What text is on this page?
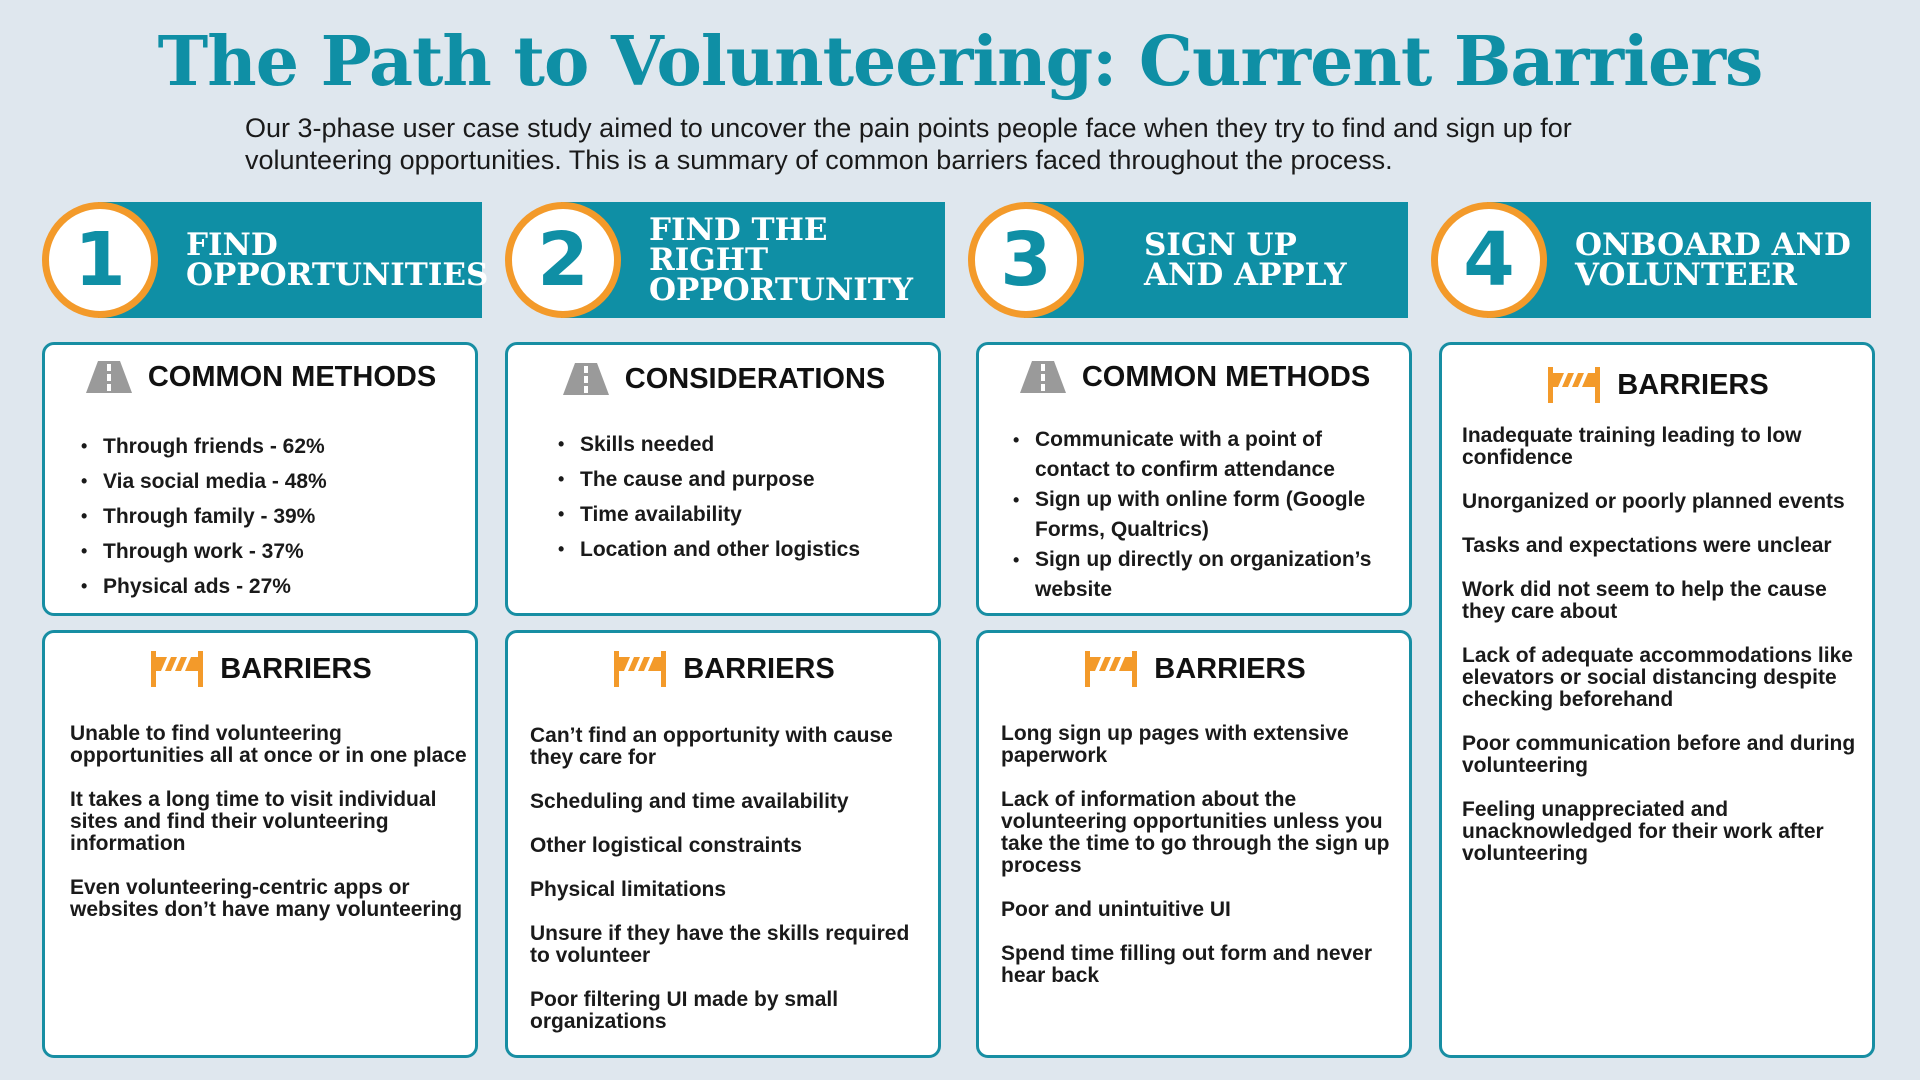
The Path to Volunteering: Current Barriers
Our 3-phase user case study aimed to uncover the pain points people face when they try to find and sign up for volunteering opportunities. This is a summary of common barriers faced throughout the process.
1	FIND
OPPORTUNITIES 2	FIND THE RIGHT
OPPORTUNITY	3	SIGN UP
AND APPLY	4	ONBOARD AND
VOLUNTEER
COMMON METHODS
• Through friends - 62%
• Via social media - 48%
• Through family - 39%
• Through work - 37%
• Physical ads - 27%
CONSIDERATIONS
• Skills needed
• The cause and purpose
• Time availability
• Location and other logistics
COMMON METHODS
• Communicate with a point of contact to confirm attendance
• Sign up with online form (Google Forms, Qualtrics)
• Sign up directly on organization’s website
BARRIERS
Unable to find volunteering opportunities all at once or in one place
It takes a long time to visit individual sites and find their volunteering information
Even volunteering-centric apps or websites don’t have many volunteering
BARRIERS
Can’t find an opportunity with cause they care for
Scheduling and time availability
Other logistical constraints
Physical limitations
Unsure if they have the skills required to volunteer
Poor filtering UI made by small organizations
BARRIERS
Long sign up pages with extensive paperwork
Lack of information about the volunteering opportunities unless you take the time to go through the sign up process
Poor and unintuitive UI
Spend time filling out form and never hear back
BARRIERS
Inadequate training leading to low confidence
Unorganized or poorly planned events
Tasks and expectations were unclear
Work did not seem to help the cause they care about
Lack of adequate accommodations like elevators or social distancing despite checking beforehand
Poor communication before and during volunteering
Feeling unappreciated and unacknowledged for their work after volunteering
